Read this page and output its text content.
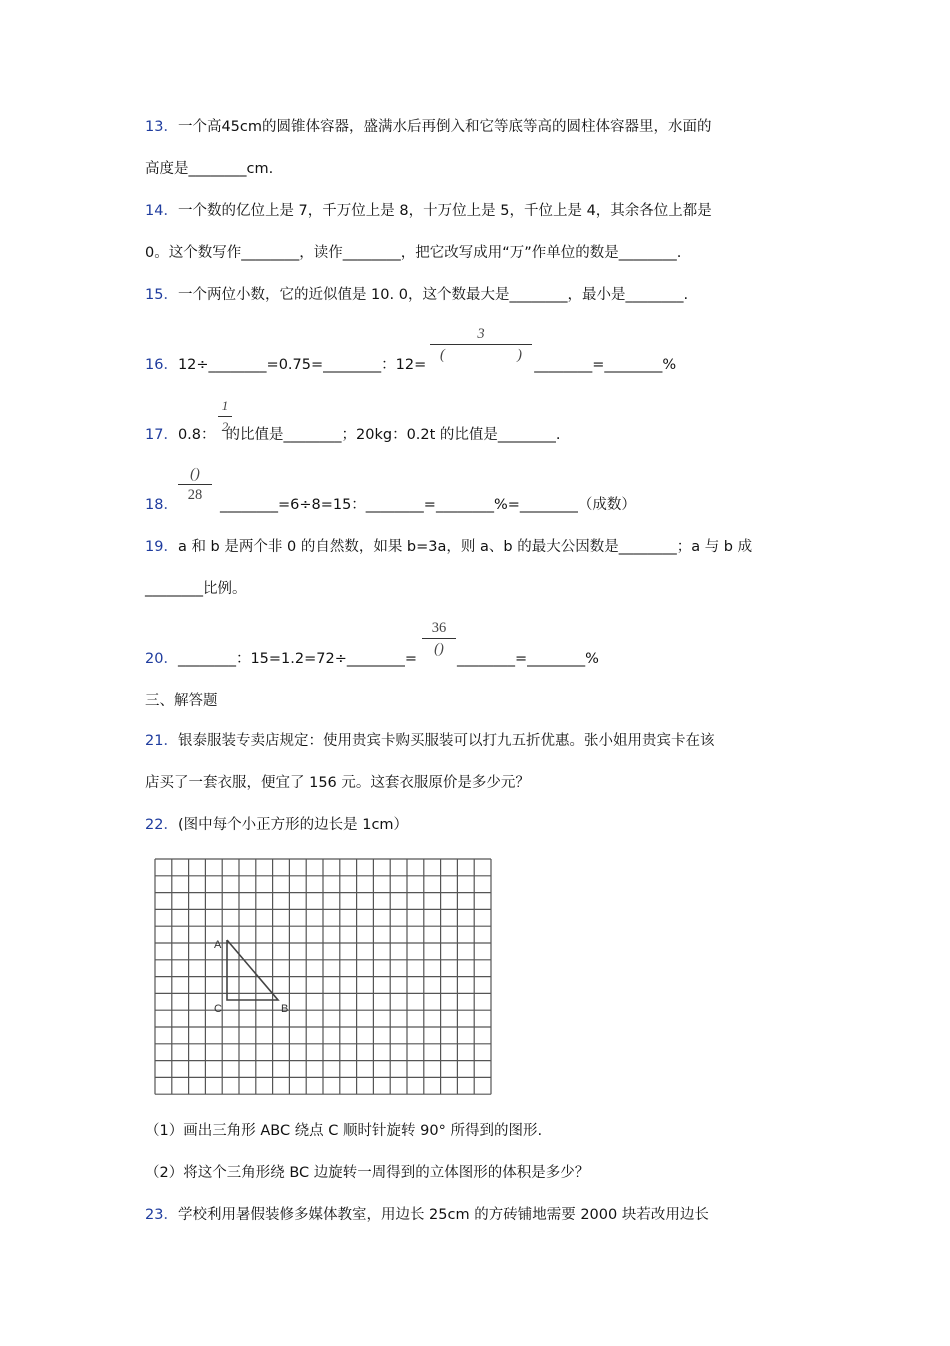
13．一个高45cm的圆锥体容器，盛满水后再倒入和它等底等高的圆柱体容器里，水面的
高度是________cm.
14．一个数的亿位上是 7，千万位上是 8，十万位上是 5，千位上是 4，其余各位上都是
0。这个数写作________，读作________，把它改写成用“万”作单位的数是________.
15．一个两位小数，它的近似值是 10. 0，这个数最大是________，最小是________.
16．12÷________=0.75=________：12=	________=________%
3
(	)
17．0.8： 的比值是________；20kg：0.2t 的比值是________.
1
2
18．	________=6÷8=15：________=________%=________（成数）
()
28
19．a 和 b 是两个非 0 的自然数，如果 b=3a，则 a、b 的最大公因数是________；a 与 b 成
________比例。
20．________：15=1.2=72÷________=	________=________%
36
()
三、解答题
21．银泰服装专卖店规定：使用贵宾卡购买服装可以打九五折优惠。张小姐用贵宾卡在该
店买了一套衣服，便宜了 156 元。这套衣服原价是多少元？
22．(图中每个小正方形的边长是 1cm）
A
C	B
（1）画出三角形 ABC 绕点 C 顺时针旋转 90° 所得到的图形.
（2）将这个三角形绕 BC 边旋转一周得到的立体图形的体积是多少？
23．学校利用暑假装修多媒体教室，用边长 25cm 的方砖铺地需要 2000 块若改用边长
